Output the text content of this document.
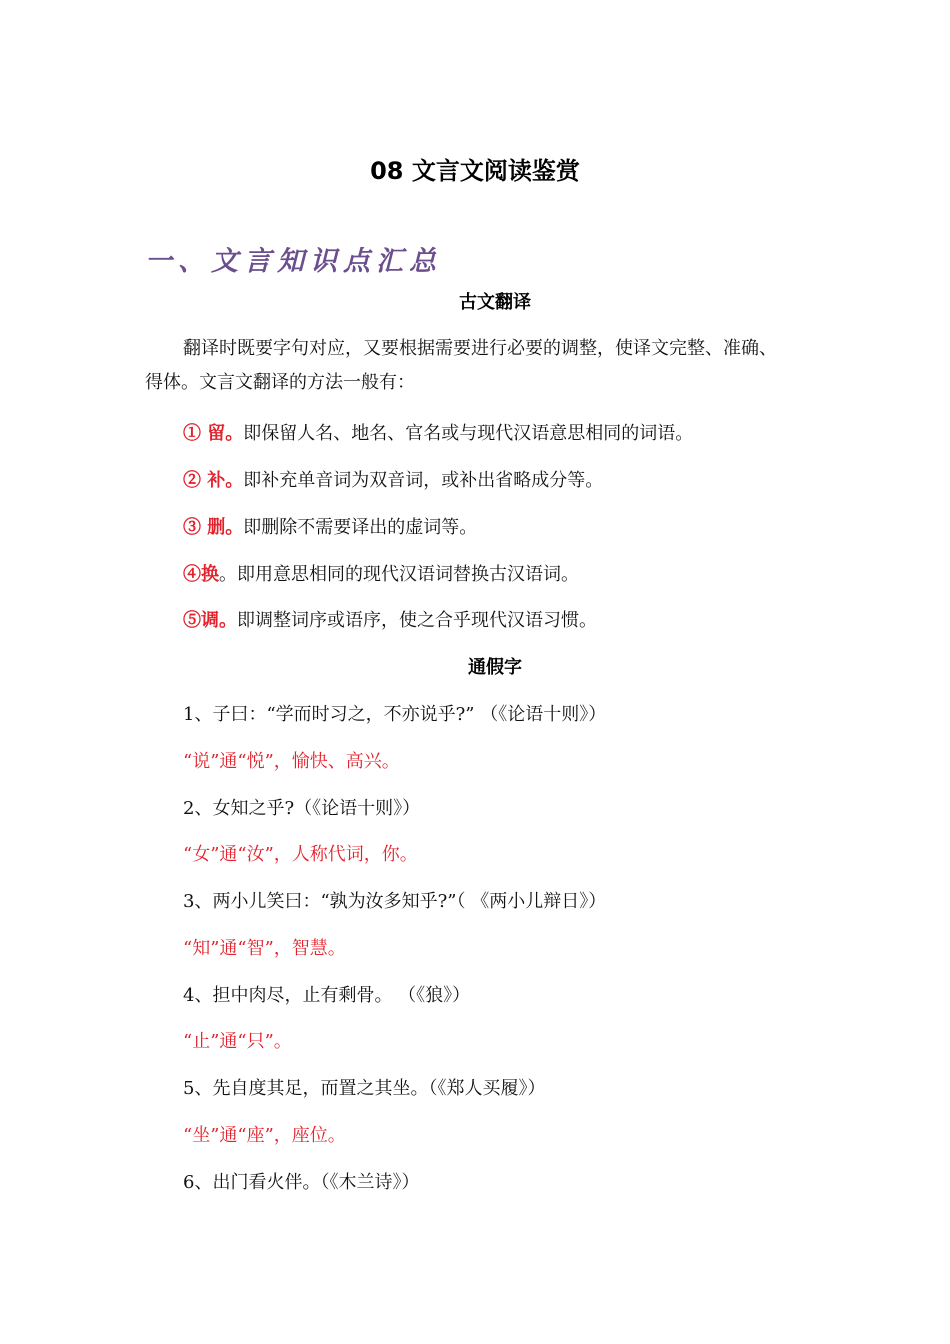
08 文言文阅读鉴赏
一、文言知识点汇总
古文翻译
翻译时既要字句对应，又要根据需要进行必要的调整，使译文完整、准确、得体。文言文翻译的方法一般有：
① 留。即保留人名、地名、官名或与现代汉语意思相同的词语。
② 补。即补充单音词为双音词，或补出省略成分等。
③ 删。即删除不需要译出的虚词等。
④换。即用意思相同的现代汉语词替换古汉语词。
⑤调。即调整词序或语序，使之合乎现代汉语习惯。
通假字
1、子曰：“学而时习之，不亦说乎?” （《论语十则》）
“说”通“悦”，愉快、高兴。
2、女知之乎?（《论语十则》）
“女”通“汝”，人称代词，你。
3、两小儿笑曰：“孰为汝多知乎?”（ 《两小儿辩日》）
“知”通“智”，智慧。
4、担中肉尽，止有剩骨。 （《狼》）
“止”通“只”。
5、先自度其足，而置之其坐。（《郑人买履》）
“坐”通“座”，座位。
6、出门看火伴。（《木兰诗》）
